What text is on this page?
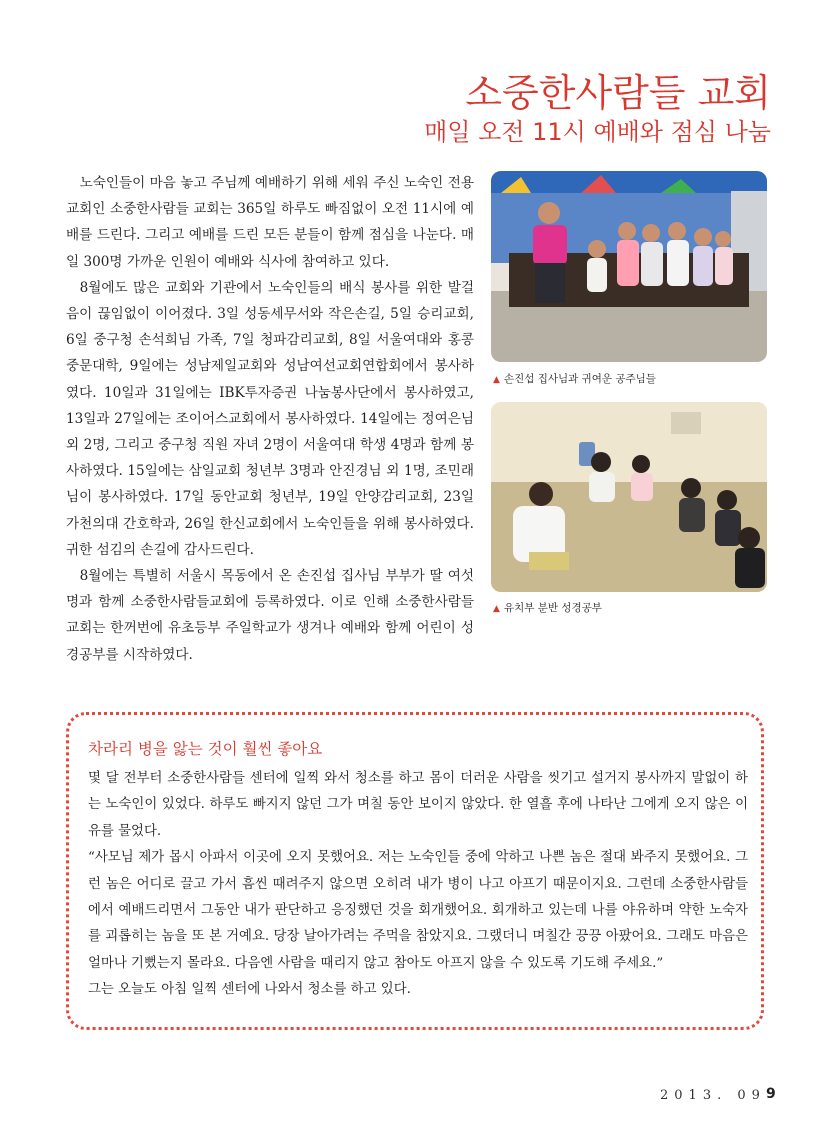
소중한사람들 교회
매일 오전 11시 예배와 점심 나눔

노숙인들이 마음 놓고 주님께 예배하기 위해 세워 주신 노숙인 전용 교회인 소중한사람들 교회는 365일 하루도 빠짐없이 오전 11시에 예배를 드린다. 그리고 예배를 드린 모든 분들이 함께 점심을 나눈다. 매일 300명 가까운 인원이 예배와 식사에 참여하고 있다.

8월에도 많은 교회와 기관에서 노숙인들의 배식 봉사를 위한 발걸음이 끊임없이 이어졌다. 3일 성동세무서와 작은손길, 5일 승리교회, 6일 중구청 손석희님 가족, 7일 청파감리교회, 8일 서울여대와 홍콩 중문대학, 9일에는 성남제일교회와 성남여선교회연합회에서 봉사하였다. 10일과 31일에는 IBK투자증권 나눔봉사단에서 봉사하였고, 13일과 27일에는 조이어스교회에서 봉사하였다. 14일에는 정여은님 외 2명, 그리고 중구청 직원 자녀 2명이 서울여대 학생 4명과 함께 봉사하였다. 15일에는 삼일교회 청년부 3명과 안진경님 외 1명, 조민래님이 봉사하였다. 17일 동안교회 청년부, 19일 안양감리교회, 23일 가천의대 간호학과, 26일 한신교회에서 노숙인들을 위해 봉사하였다. 귀한 섬김의 손길에 감사드린다.

8월에는 특별히 서울시 목동에서 온 손진섭 집사님 부부가 딸 여섯 명과 함께 소중한사람들교회에 등록하였다. 이로 인해 소중한사람들교회는 한꺼번에 유초등부 주일학교가 생겨나 예배와 함께 어린이 성경공부를 시작하였다.

▲ 손진섭 집사님과 귀여운 공주님들
▲ 유치부 분반 성경공부
차라리 병을 앓는 것이 훨씬 좋아요

몇 달 전부터 소중한사람들 센터에 일찍 와서 청소를 하고 몸이 더러운 사람을 씻기고 설거지 봉사까지 말없이 하는 노숙인이 있었다. 하루도 빠지지 않던 그가 며칠 동안 보이지 않았다. 한 열흘 후에 나타난 그에게 오지 않은 이유를 물었다.

“사모님 제가 몹시 아파서 이곳에 오지 못했어요. 저는 노숙인들 중에 악하고 나쁜 놈은 절대 봐주지 못했어요. 그런 놈은 어디로 끌고 가서 흠씬 때려주지 않으면 오히려 내가 병이 나고 아프기 때문이지요. 그런데 소중한사람들에서 예배드리면서 그동안 내가 판단하고 응징했던 것을 회개했어요. 회개하고 있는데 나를 야유하며 약한 노숙자를 괴롭히는 놈을 또 본 거예요. 당장 날아가려는 주먹을 참았지요. 그랬더니 며칠간 끙끙 아팠어요. 그래도 마음은 얼마나 기뻤는지 몰라요. 다음엔 사람을 때리지 않고 참아도 아프지 않을 수 있도록 기도해 주세요.”

그는 오늘도 아침 일찍 센터에 나와서 청소를 하고 있다.

2013. 09 9
